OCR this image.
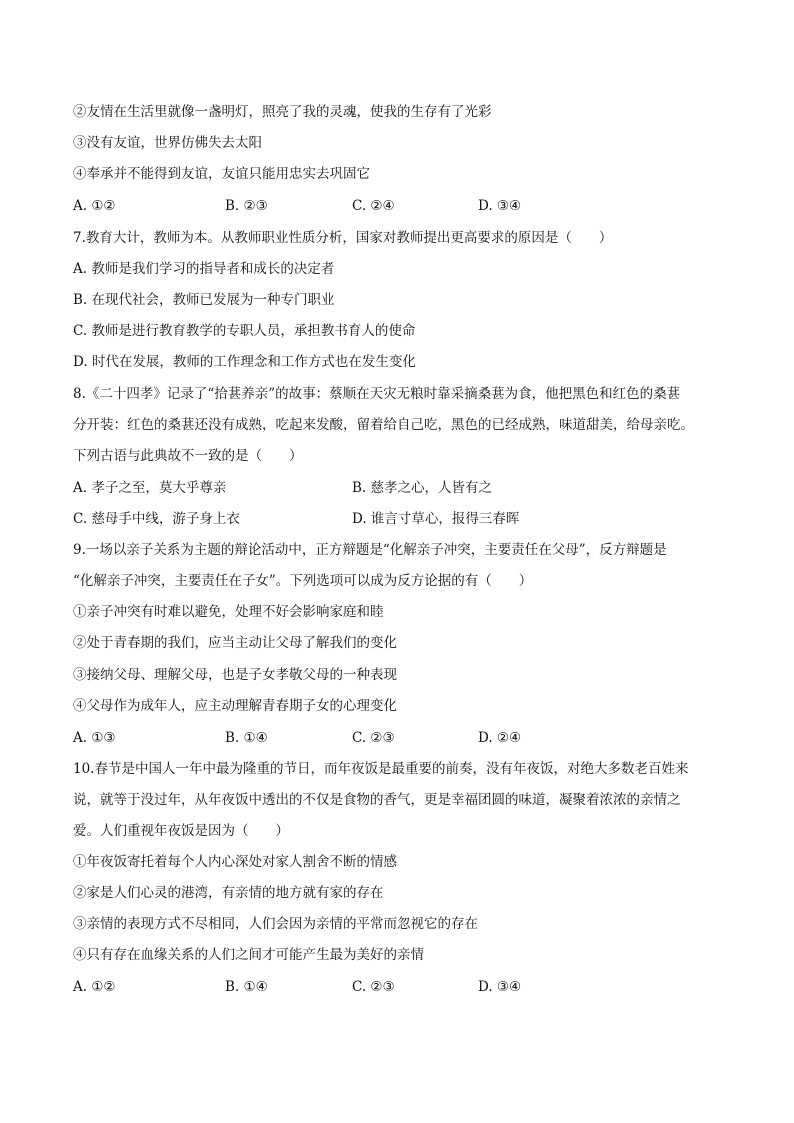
②友情在生活里就像一盏明灯，照亮了我的灵魂，使我的生存有了光彩
③没有友谊，世界仿佛失去太阳
④奉承并不能得到友谊，友谊只能用忠实去巩固它
A. ①②	B. ②③	C. ②④	D. ③④
7.教育大计，教师为本。从教师职业性质分析，国家对教师提出更高要求的原因是（　　）
A. 教师是我们学习的指导者和成长的决定者
B. 在现代社会，教师已发展为一种专门职业
C. 教师是进行教育教学的专职人员，承担教书育人的使命
D. 时代在发展，教师的工作理念和工作方式也在发生变化
8.《二十四孝》记录了“拾葚养亲”的故事：蔡顺在天灾无粮时靠采摘桑葚为食，他把黑色和红色的桑葚
分开装：红色的桑葚还没有成熟，吃起来发酸，留着给自己吃，黑色的已经成熟，味道甜美，给母亲吃。
下列古语与此典故不一致的是（　　）
A. 孝子之至，莫大乎尊亲	B. 慈孝之心，人皆有之
C. 慈母手中线，游子身上衣	D. 谁言寸草心，报得三春晖
9.一场以亲子关系为主题的辩论活动中，正方辩题是“化解亲子冲突，主要责任在父母”，反方辩题是
“化解亲子冲突，主要责任在子女”。下列选项可以成为反方论据的有（　　）
①亲子冲突有时难以避免，处理不好会影响家庭和睦
②处于青春期的我们，应当主动让父母了解我们的变化
③接纳父母、理解父母，也是子女孝敬父母的一种表现
④父母作为成年人，应主动理解青春期子女的心理变化
A. ①③	B. ①④	C. ②③	D. ②④
10.春节是中国人一年中最为隆重的节日，而年夜饭是最重要的前奏，没有年夜饭，对绝大多数老百姓来
说，就等于没过年，从年夜饭中透出的不仅是食物的香气，更是幸福团圆的味道，凝聚着浓浓的亲情之
爱。人们重视年夜饭是因为（　　）
①年夜饭寄托着每个人内心深处对家人割舍不断的情感
②家是人们心灵的港湾，有亲情的地方就有家的存在
③亲情的表现方式不尽相同，人们会因为亲情的平常而忽视它的存在
④只有存在血缘关系的人们之间才可能产生最为美好的亲情
A. ①②	B. ①④	C. ②③	D. ③④
